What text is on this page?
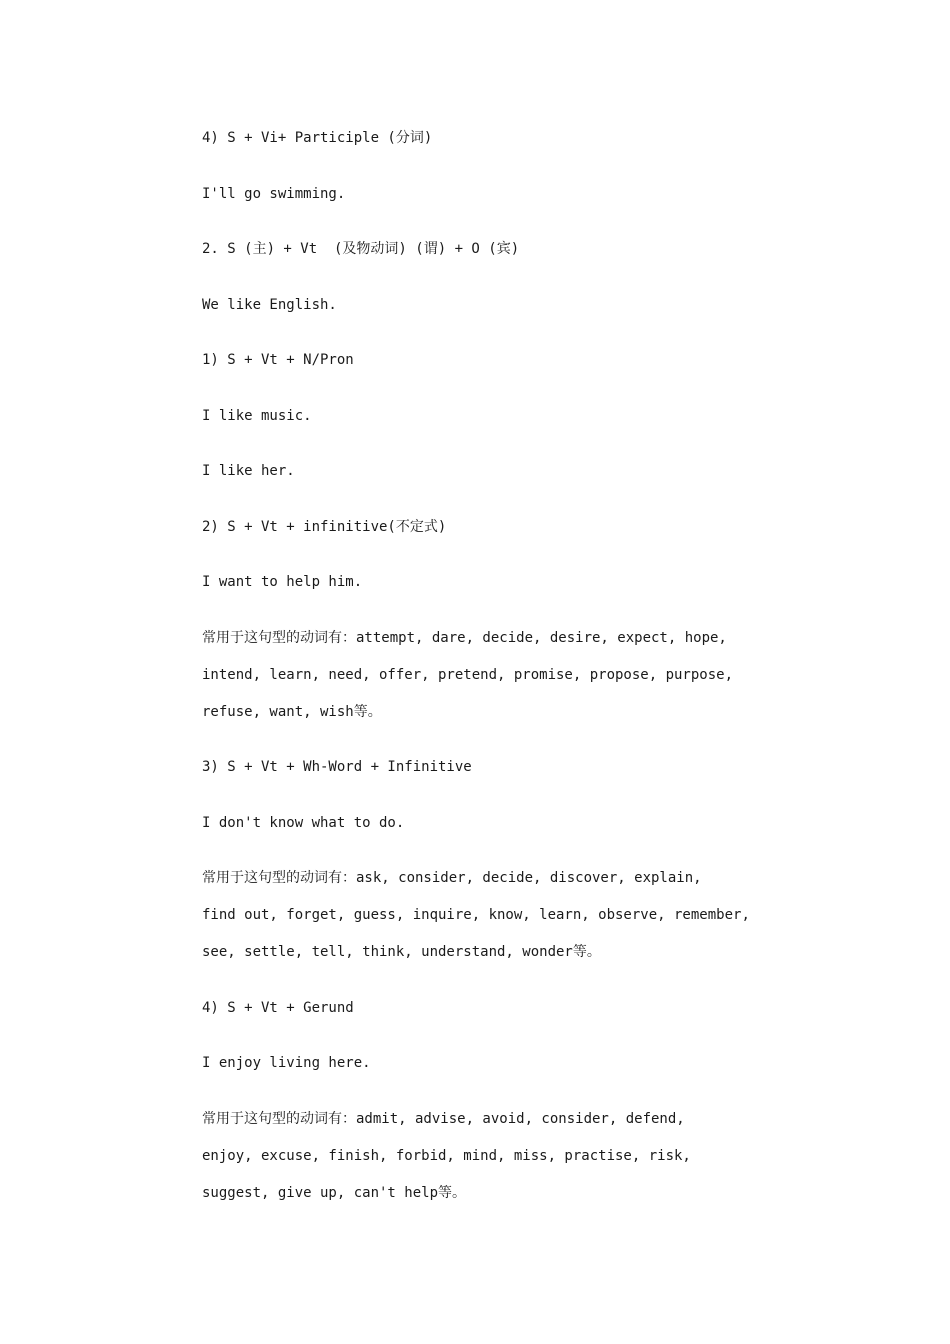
4) S + Vi+ Participle (分词)

I'll go swimming.

2. S (主) + Vt  (及物动词) (谓) + O (宾)

We like English.

1) S + Vt + N/Pron

I like music.

I like her.

2) S + Vt + infinitive(不定式)

I want to help him.

常用于这句型的动词有：attempt, dare, decide, desire, expect, hope,

intend, learn, need, offer, pretend, promise, propose, purpose,

refuse, want, wish等。

3) S + Vt + Wh-Word + Infinitive

I don't know what to do.

常用于这句型的动词有：ask, consider, decide, discover, explain,

find out, forget, guess, inquire, know, learn, observe, remember,

see, settle, tell, think, understand, wonder等。

4) S + Vt + Gerund

I enjoy living here.

常用于这句型的动词有：admit, advise, avoid, consider, defend,

enjoy, excuse, finish, forbid, mind, miss, practise, risk,

suggest, give up, can't help等。
